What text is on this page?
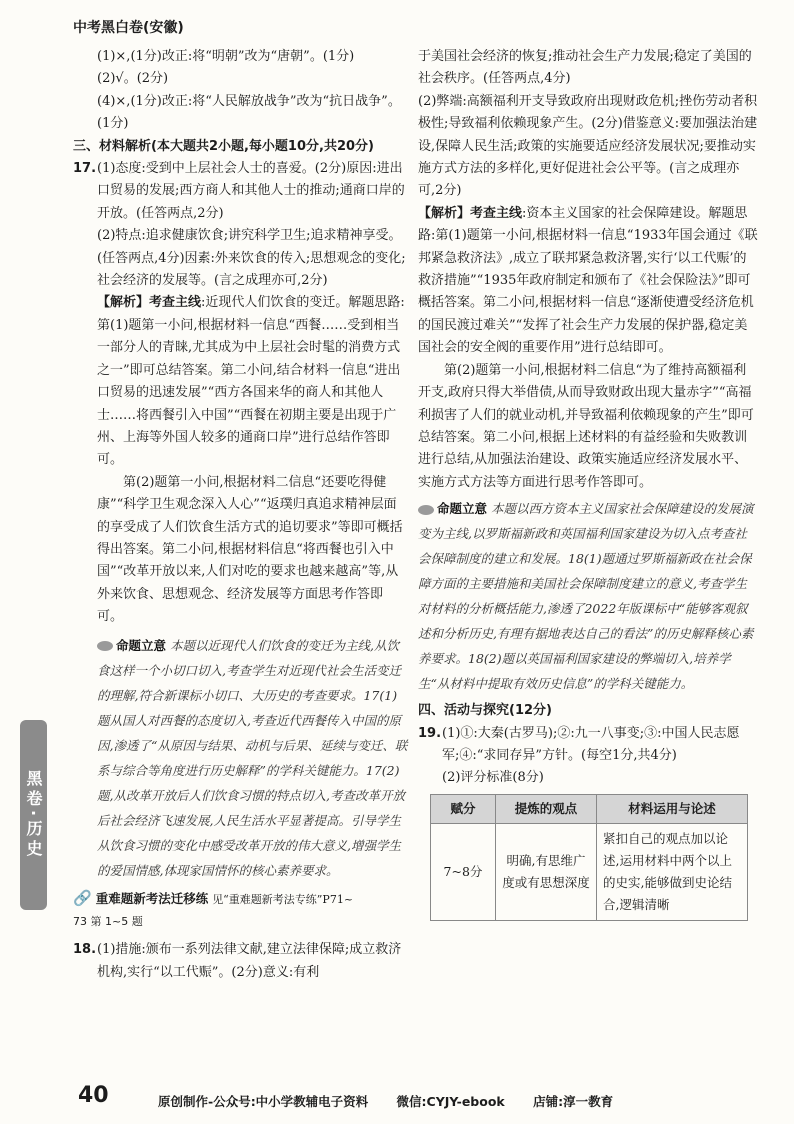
中考黑白卷(安徽)

(1)×,(1分)改正:将“明朝”改为“唐朝”。(1分)

(2)√。(2分)

(4)×,(1分)改正:将“人民解放战争”改为“抗日战争”。(1分)

三、材料解析(本大题共2小题,每小题10分,共20分)

17.(1)态度:受到中上层社会人士的喜爱。(2分)原因:进出口贸易的发展;西方商人和其他人士的推动;通商口岸的开放。(任答两点,2分)

(2)特点:追求健康饮食;讲究科学卫生;追求精神享受。(任答两点,4分)因素:外来饮食的传入;思想观念的变化;社会经济的发展等。(言之成理亦可,2分)

【解析】考查主线:近现代人们饮食的变迁。解题思路:第(1)题第一小问,根据材料一信息“西餐……受到相当一部分人的青睐,尤其成为中上层社会时髦的消费方式之一”即可总结答案。第二小问,结合材料一信息“进出口贸易的迅速发展”“西方各国来华的商人和其他人士……将西餐引入中国”“西餐在初期主要是出现于广州、上海等外国人较多的通商口岸”进行总结作答即可。

第(2)题第一小问,根据材料二信息“还要吃得健康”“科学卫生观念深入人心”“返璞归真追求精神层面的享受成了人们饮食生活方式的追切要求”等即可概括得出答案。第二小问,根据材料信息“将西餐也引入中国”“改革开放以来,人们对吃的要求也越来越高”等,从外来饮食、思想观念、经济发展等方面思考作答即可。

命题立意 本题以近现代人们饮食的变迁为主线,从饮食这样一个小切口切入,考查学生对近现代社会生活变迁的理解,符合新课标小切口、大历史的考查要求。17(1)题从国人对西餐的态度切入,考查近代西餐传入中国的原因,渗透了“从原因与结果、动机与后果、延续与变迁、联系与综合等角度进行历史解释”的学科关键能力。17(2)题,从改革开放后人们饮食习惯的特点切入,考查改革开放后社会经济飞速发展,人民生活水平显著提高。引导学生从饮食习惯的变化中感受改革开放的伟大意义,增强学生的爱国情感,体现家国情怀的核心素养要求。

🔗 重难题新考法迁移练 见“重难题新考法专练”P71~

73 第 1~5 题

18.(1)措施:颁布一系列法律文献,建立法律保障;成立救济机构,实行“以工代赈”。(2分)意义:有利

于美国社会经济的恢复;推动社会生产力发展;稳定了美国的社会秩序。(任答两点,4分)

(2)弊端:高额福利开支导致政府出现财政危机;挫伤劳动者积极性;导致福利依赖现象产生。(2分)借鉴意义:要加强法治建设,保障人民生活;政策的实施要适应经济发展状况;要推动实施方式方法的多样化,更好促进社会公平等。(言之成理亦可,2分)

【解析】考查主线:资本主义国家的社会保障建设。解题思路:第(1)题第一小问,根据材料一信息“1933年国会通过《联邦紧急救济法》,成立了联邦紧急救济署,实行‘以工代赈’的救济措施”“1935年政府制定和颁布了《社会保险法》”即可概括答案。第二小问,根据材料一信息“逐渐使遭受经济危机的国民渡过难关”“发挥了社会生产力发展的保护器,稳定美国社会的安全阀的重要作用”进行总结即可。

第(2)题第一小问,根据材料二信息“为了维持高额福利开支,政府只得大举借债,从而导致财政出现大量赤字”“高福利损害了人们的就业动机,并导致福利依赖现象的产生”即可总结答案。第二小问,根据上述材料的有益经验和失败教训进行总结,从加强法治建设、政策实施适应经济发展水平、实施方式方法等方面进行思考作答即可。

命题立意 本题以西方资本主义国家社会保障建设的发展演变为主线,以罗斯福新政和英国福利国家建设为切入点考查社会保障制度的建立和发展。18(1)题通过罗斯福新政在社会保障方面的主要措施和美国社会保障制度建立的意义,考查学生对材料的分析概括能力,渗透了2022年版课标中“能够客观叙述和分析历史,有理有据地表达自己的看法”的历史解释核心素养要求。18(2)题以英国福利国家建设的弊端切入,培养学生“从材料中提取有效历史信息”的学科关键能力。

四、活动与探究(12分)

19.(1)①:大秦(古罗马);②:九一八事变;③:中国人民志愿军;④:“求同存异”方针。(每空1分,共4分)

(2)评分标准(8分)

赋分	提炼的观点	材料运用与论述
7~8分	明确,有思维广度或有思想深度	紧扣自己的观点加以论述,运用材料中两个以上的史实,能够做到史论结合,逻辑清晰
黑卷·历史
40	原创制作-公众号:中小学教辅电子资料 微信:CYJY-ebook 店铺:淳一教育
